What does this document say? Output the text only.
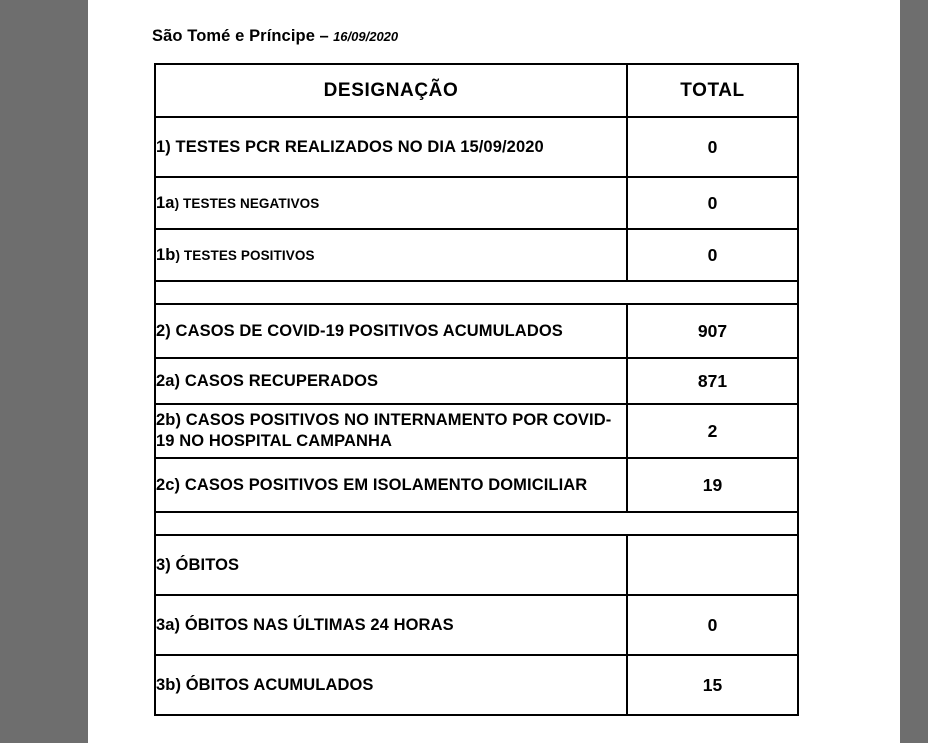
São Tomé e Príncipe – 16/09/2020

DESIGNAÇÃO	TOTAL
1) TESTES PCR REALIZADOS NO DIA 15/09/2020	0
1a) TESTES NEGATIVOS	0
1b) TESTES POSITIVOS	0

2) CASOS DE COVID-19 POSITIVOS ACUMULADOS	907
2a) CASOS RECUPERADOS	871
2b) CASOS POSITIVOS NO INTERNAMENTO POR COVID-19 NO HOSPITAL CAMPANHA	2
2c) CASOS POSITIVOS EM ISOLAMENTO DOMICILIAR	19

3) ÓBITOS	
3a) ÓBITOS NAS ÚLTIMAS 24 HORAS	0
3b) ÓBITOS ACUMULADOS	15
